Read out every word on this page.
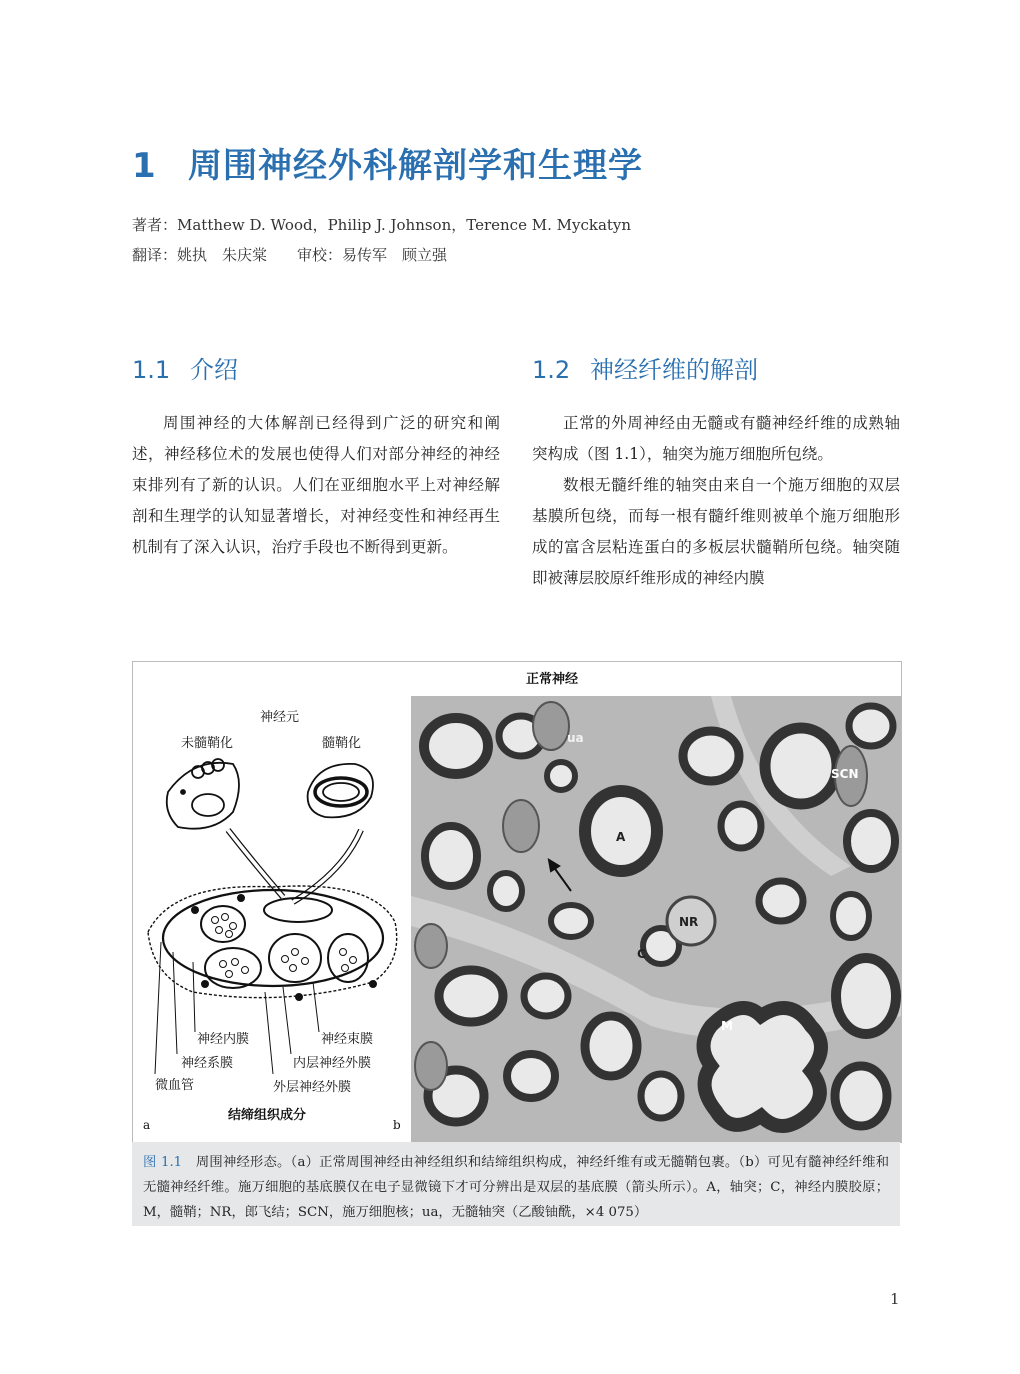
1 周围神经外科解剖学和生理学
著者：Matthew D. Wood，Philip J. Johnson，Terence M. Myckatyn
翻译：姚执　朱庆棠　　审校：易传军　顾立强
1.1 介绍	1.2 神经纤维的解剖

周围神经的大体解剖已经得到广泛的研究和阐述，神经移位术的发展也使得人们对部分神经的神经束排列有了新的认识。人们在亚细胞水平上对神经解剖和生理学的认知显著增长，对神经变性和神经再生机制有了深入认识，治疗手段也不断得到更新。

正常的外周神经由无髓或有髓神经纤维的成熟轴突构成（图 1.1），轴突为施万细胞所包绕。

数根无髓纤维的轴突由来自一个施万细胞的双层基膜所包绕，而每一根有髓纤维则被单个施万细胞形成的富含层粘连蛋白的多板层状髓鞘所包绕。轴突随即被薄层胶原纤维形成的神经内膜

正常神经
神经元
未髓鞘化	髓鞘化
神经内膜
神经系膜
微血管
神经束膜
内层神经外膜
外层神经外膜
结缔组织成分
a	b
ua
SCN
A
NR
C
M
图 1.1　 周围神经形态。（a）正常周围神经由神经组织和结缔组织构成，神经纤维有或无髓鞘包裹。（b）可见有髓神经纤维和无髓神经纤维。施万细胞的基底膜仅在电子显微镜下才可分辨出是双层的基底膜（箭头所示）。A，轴突；C，神经内膜胶原；M，髓鞘；NR，郎飞结；SCN，施万细胞核；ua，无髓轴突（乙酸铀酰，×4 075）
1
